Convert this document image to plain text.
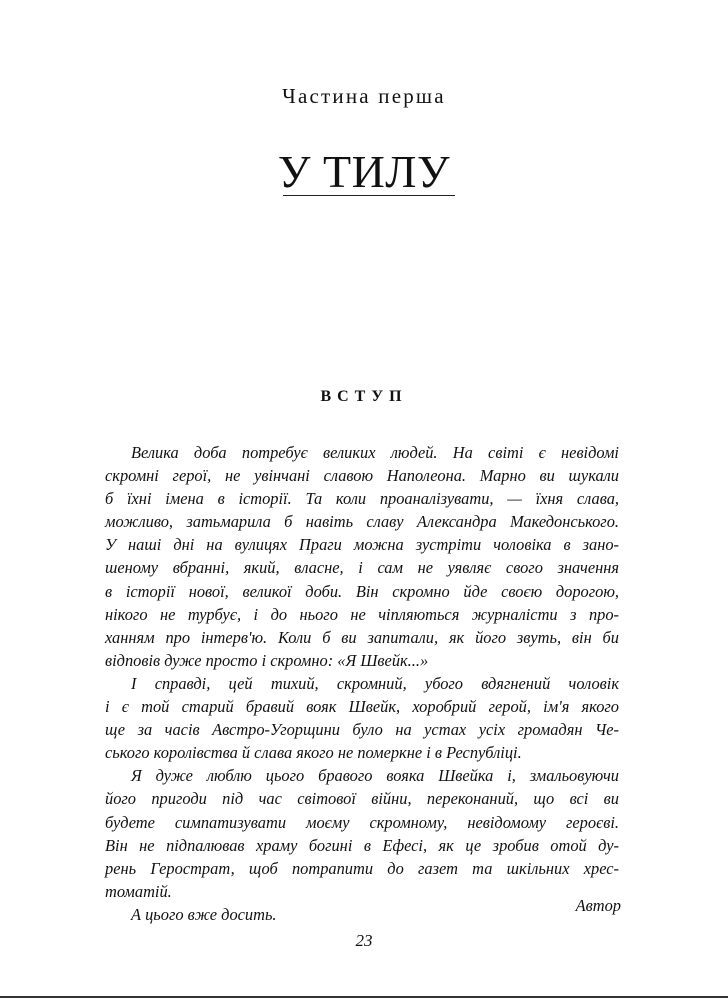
Частина перша
У ТИЛУ
ВСТУП

Велика доба потребує великих людей. На світі є невідомі
скромні герої, не увінчані славою Наполеона. Марно ви шукали
б їхні імена в історії. Та коли проаналізувати, — їхня слава,
можливо, затьмарила б навіть славу Александра Македонського.
У наші дні на вулицях Праги можна зустріти чоловіка в зано-
шеному вбранні, який, власне, і сам не уявляє свого значення
в історії нової, великої доби. Він скромно йде своєю дорогою,
нікого не турбує, і до нього не чіпляються журналісти з про-
ханням про інтерв'ю. Коли б ви запитали, як його звуть, він би
відповів дуже просто і скромно: «Я Швейк...»

І справді, цей тихий, скромний, убого вдягнений чоловік
і є той старий бравий вояк Швейк, хоробрий герой, ім'я якого
ще за часів Австро-Угорщини було на устах усіх громадян Че-
ського королівства й слава якого не померкне і в Республіці.

Я дуже люблю цього бравого вояка Швейка і, змальовуючи
його пригоди під час світової війни, переконаний, що всі ви
будете симпатизувати моєму скромному, невідомому героєві.
Він не підпалював храму богині в Ефесі, як це зробив отой ду-
рень Герострат, щоб потрапити до газет та шкільних хрес-
томатій.

А цього вже досить.	Автор
23
